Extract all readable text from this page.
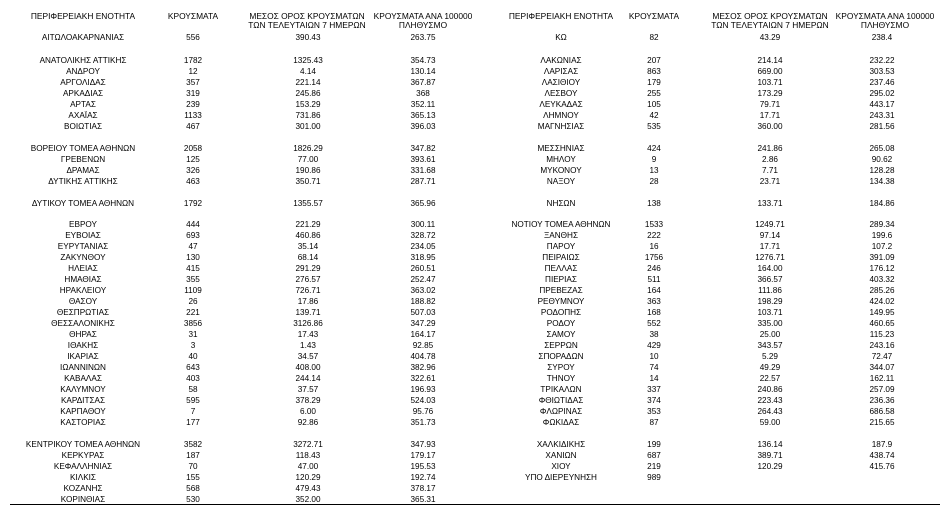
ΠΕΡΙΦΕΡΕΙΑΚΗ ΕΝΟΤΗΤΑ	ΚΡΟΥΣΜΑΤΑ	ΜΕΣΟΣ ΟΡΟΣ ΚΡΟΥΣΜΑΤΩΝ
ΤΩΝ ΤΕΛΕΥΤΑΙΩΝ 7 ΗΜΕΡΩΝ
ΚΡΟΥΣΜΑΤΑ ΑΝΑ 100000
ΠΛΗΘΥΣΜΟ
ΠΕΡΙΦΕΡΕΙΑΚΗ ΕΝΟΤΗΤΑ	ΚΡΟΥΣΜΑΤΑ	ΜΕΣΟΣ ΟΡΟΣ ΚΡΟΥΣΜΑΤΩΝ
ΤΩΝ ΤΕΛΕΥΤΑΙΩΝ 7 ΗΜΕΡΩΝ
ΚΡΟΥΣΜΑΤΑ ΑΝΑ 100000
ΠΛΗΘΥΣΜΟ
ΑΙΤΩΛΟΑΚΑΡΝΑΝΙΑΣ	556	390.43	263.75
ΑΝΑΤΟΛΙΚΗΣ ΑΤΤΙΚΗΣ	1782	1325.43	354.73
ΑΝΔΡΟΥ	12	4.14	130.14
ΑΡΓΟΛΙΔΑΣ	357	221.14	367.87
ΑΡΚΑΔΙΑΣ	319	245.86	368
ΑΡΤΑΣ	239	153.29	352.11
ΑΧΑΪΑΣ	1133	731.86	365.13
ΒΟΙΩΤΙΑΣ	467	301.00	396.03
ΒΟΡΕΙΟΥ ΤΟΜΕΑ ΑΘΗΝΩΝ	2058	1826.29	347.82
ΓΡΕΒΕΝΩΝ	125	77.00	393.61
ΔΡΑΜΑΣ	326	190.86	331.68
ΔΥΤΙΚΗΣ ΑΤΤΙΚΗΣ	463	350.71	287.71
ΔΥΤΙΚΟΥ ΤΟΜΕΑ ΑΘΗΝΩΝ	1792	1355.57	365.96
ΕΒΡΟΥ	444	221.29	300.11
ΕΥΒΟΙΑΣ	693	460.86	328.72
ΕΥΡΥΤΑΝΙΑΣ	47	35.14	234.05
ΖΑΚΥΝΘΟΥ	130	68.14	318.95
ΗΛΕΙΑΣ	415	291.29	260.51
ΗΜΑΘΙΑΣ	355	276.57	252.47
ΗΡΑΚΛΕΙΟΥ	1109	726.71	363.02
ΘΑΣΟΥ	26	17.86	188.82
ΘΕΣΠΡΩΤΙΑΣ	221	139.71	507.03
ΘΕΣΣΑΛΟΝΙΚΗΣ	3856	3126.86	347.29
ΘΗΡΑΣ	31	17.43	164.17
ΙΘΑΚΗΣ	3	1.43	92.85
ΙΚΑΡΙΑΣ	40	34.57	404.78
ΙΩΑΝΝΙΝΩΝ	643	408.00	382.96
ΚΑΒΑΛΑΣ	403	244.14	322.61
ΚΑΛΥΜΝΟΥ	58	37.57	196.93
ΚΑΡΔΙΤΣΑΣ	595	378.29	524.03
ΚΑΡΠΑΘΟΥ	7	6.00	95.76
ΚΑΣΤΟΡΙΑΣ	177	92.86	351.73
ΚΕΝΤΡΙΚΟΥ ΤΟΜΕΑ ΑΘΗΝΩΝ	3582	3272.71	347.93
ΚΕΡΚΥΡΑΣ	187	118.43	179.17
ΚΕΦΑΛΛΗΝΙΑΣ	70	47.00	195.53
ΚΙΛΚΙΣ	155	120.29	192.74
ΚΟΖΑΝΗΣ	568	479.43	378.17
ΚΟΡΙΝΘΙΑΣ	530	352.00	365.31
ΚΩ	82	43.29	238.4
ΛΑΚΩΝΙΑΣ	207	214.14	232.22
ΛΑΡΙΣΑΣ	863	669.00	303.53
ΛΑΣΙΘΙΟΥ	179	103.71	237.46
ΛΕΣΒΟΥ	255	173.29	295.02
ΛΕΥΚΑΔΑΣ	105	79.71	443.17
ΛΗΜΝΟΥ	42	17.71	243.31
ΜΑΓΝΗΣΙΑΣ	535	360.00	281.56
ΜΕΣΣΗΝΙΑΣ	424	241.86	265.08
ΜΗΛΟΥ	9	2.86	90.62
ΜΥΚΟΝΟΥ	13	7.71	128.28
ΝΑΞΟΥ	28	23.71	134.38
ΝΗΣΩΝ	138	133.71	184.86
ΝΟΤΙΟΥ ΤΟΜΕΑ ΑΘΗΝΩΝ	1533	1249.71	289.34
ΞΑΝΘΗΣ	222	97.14	199.6
ΠΑΡΟΥ	16	17.71	107.2
ΠΕΙΡΑΙΩΣ	1756	1276.71	391.09
ΠΕΛΛΑΣ	246	164.00	176.12
ΠΙΕΡΙΑΣ	511	366.57	403.32
ΠΡΕΒΕΖΑΣ	164	111.86	285.26
ΡΕΘΥΜΝΟΥ	363	198.29	424.02
ΡΟΔΟΠΗΣ	168	103.71	149.95
ΡΟΔΟΥ	552	335.00	460.65
ΣΑΜΟΥ	38	25.00	115.23
ΣΕΡΡΩΝ	429	343.57	243.16
ΣΠΟΡΑΔΩΝ	10	5.29	72.47
ΣΥΡΟΥ	74	49.29	344.07
ΤΗΝΟΥ	14	22.57	162.11
ΤΡΙΚΑΛΩΝ	337	240.86	257.09
ΦΘΙΩΤΙΔΑΣ	374	223.43	236.36
ΦΛΩΡΙΝΑΣ	353	264.43	686.58
ΦΩΚΙΔΑΣ	87	59.00	215.65
ΧΑΛΚΙΔΙΚΗΣ	199	136.14	187.9
ΧΑΝΙΩΝ	687	389.71	438.74
ΧΙΟΥ	219	120.29	415.76
ΥΠΟ ΔΙΕΡΕΥΝΗΣΗ	989
